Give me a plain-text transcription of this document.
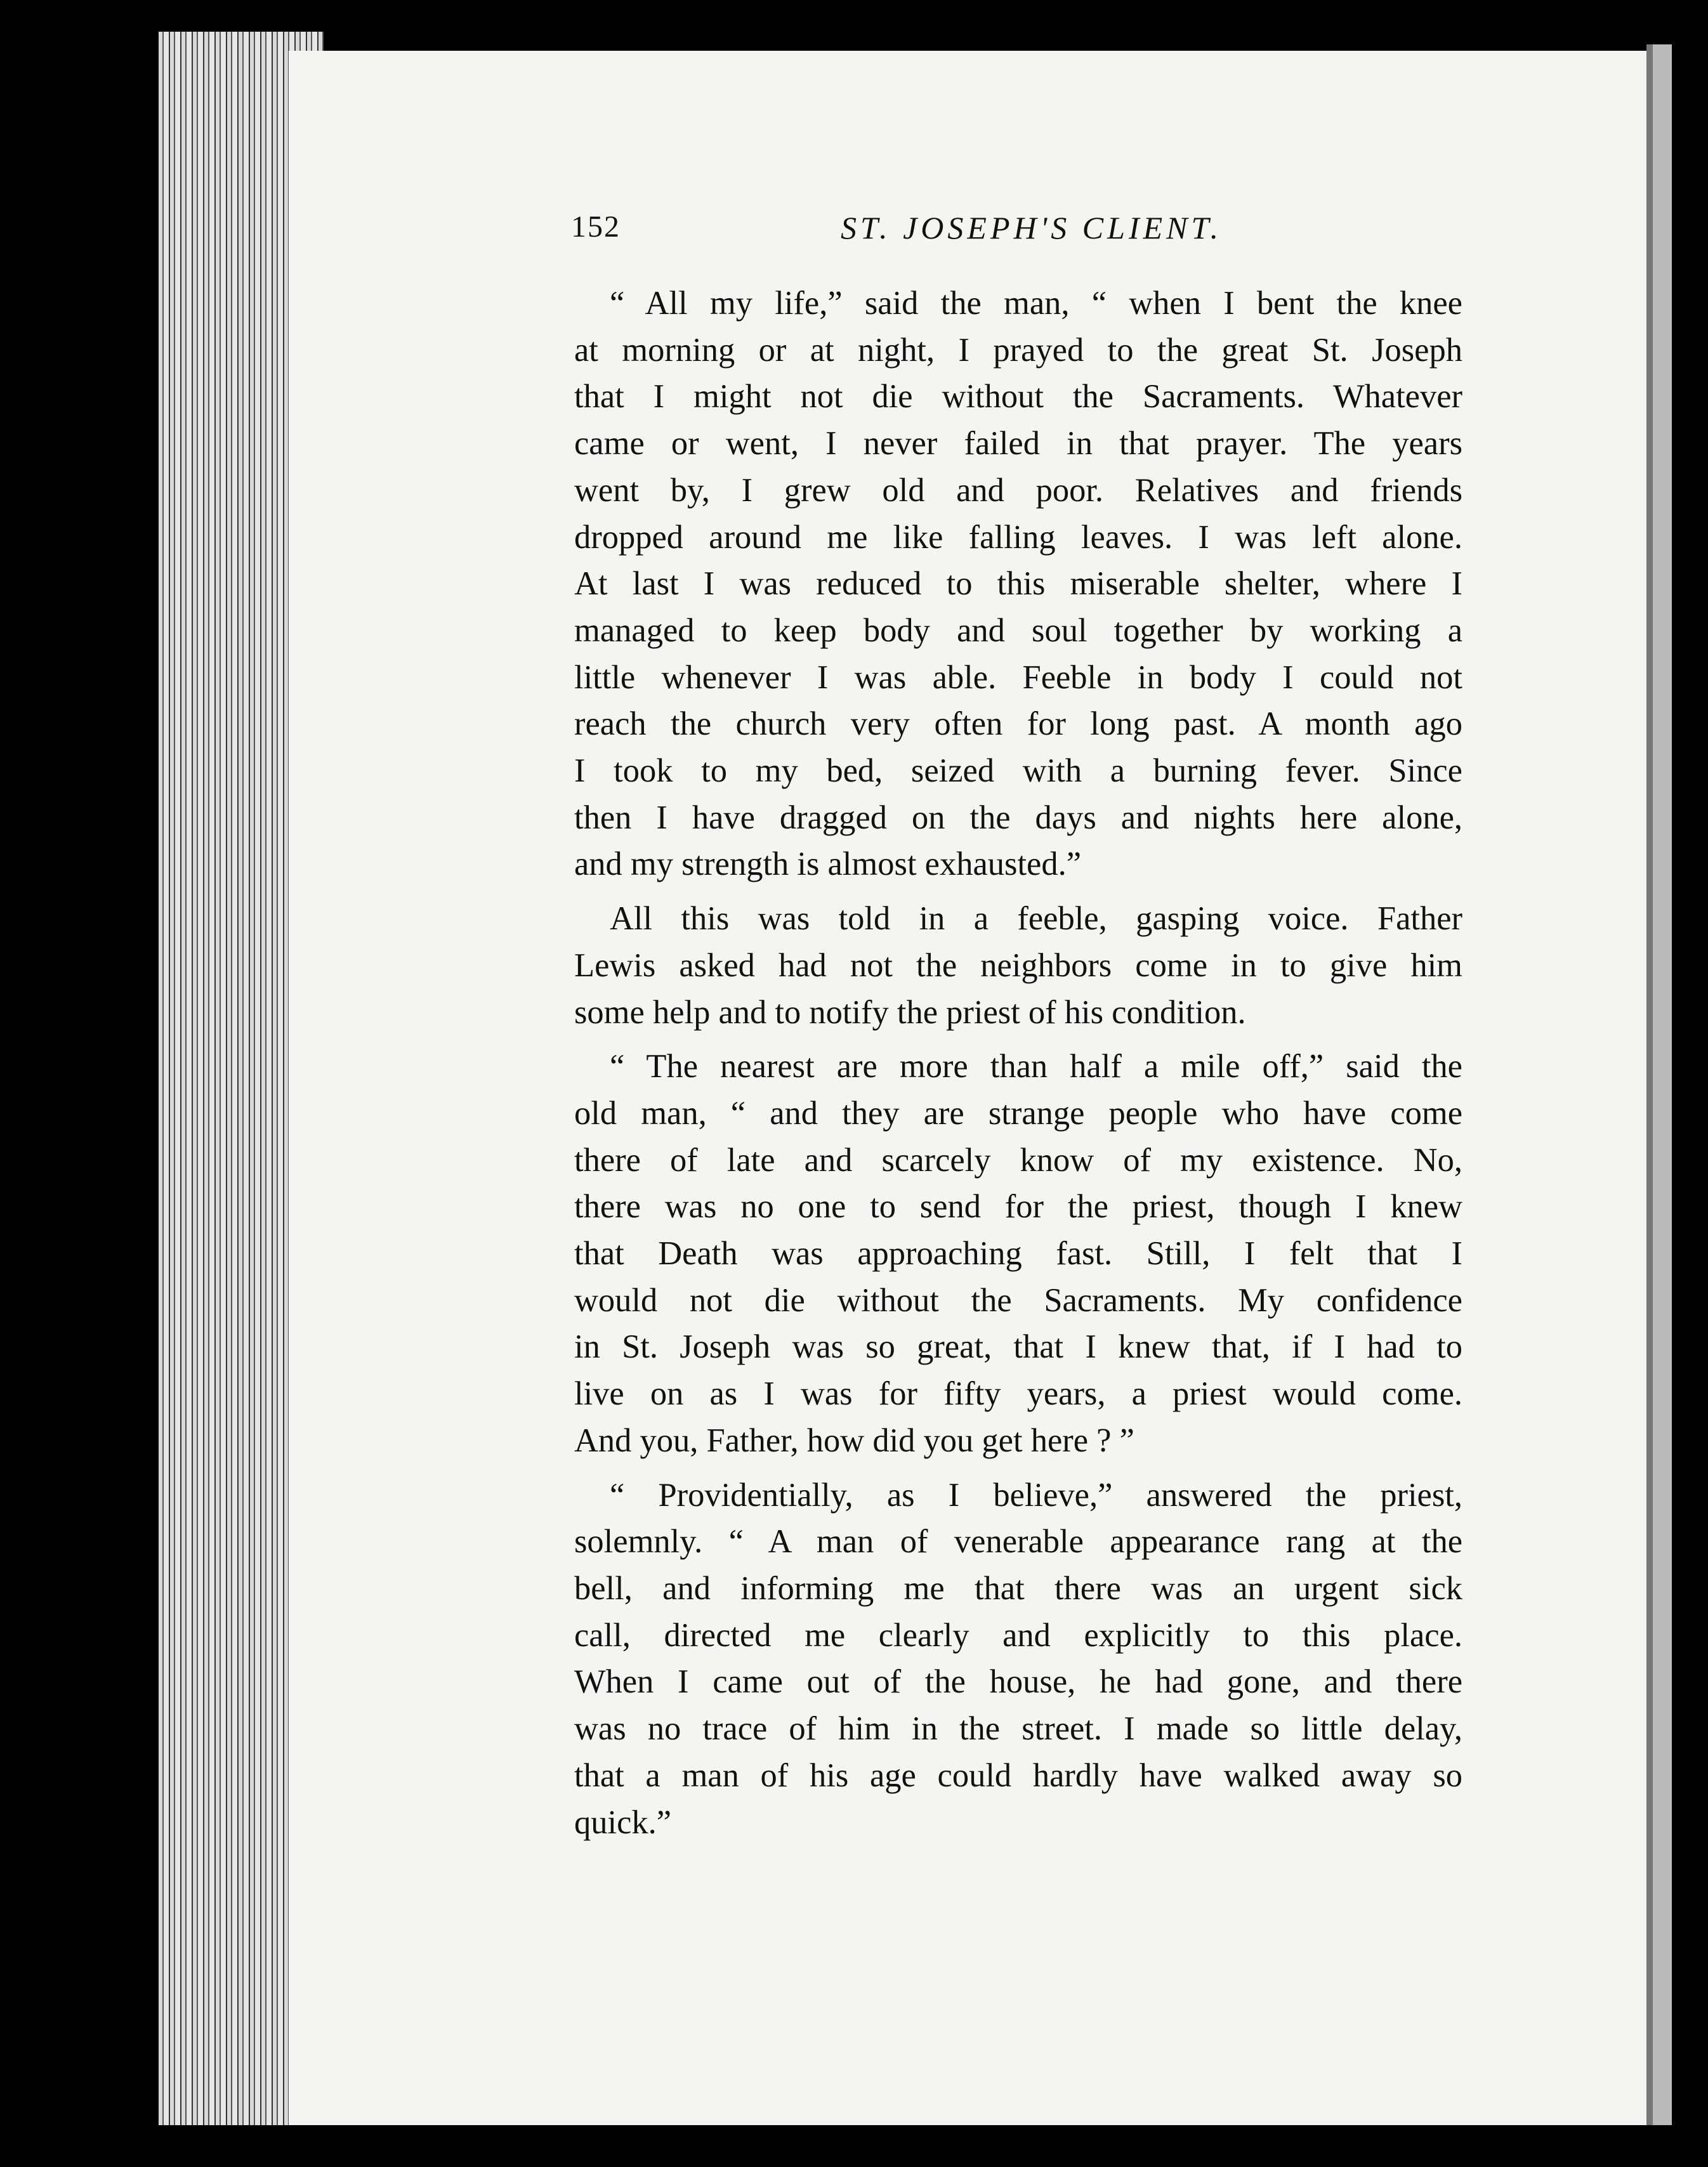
152	ST. JOSEPH'S CLIENT.
“ All my life,” said the man, “ when I bent the knee
at morning or at night, I prayed to the great St. Joseph
that I might not die without the Sacraments. Whatever
came or went, I never failed in that prayer. The years
went by, I grew old and poor. Relatives and friends
dropped around me like falling leaves. I was left alone.
At last I was reduced to this miserable shelter, where I
managed to keep body and soul together by working a
little whenever I was able. Feeble in body I could not
reach the church very often for long past. A month ago
I took to my bed, seized with a burning fever. Since
then I have dragged on the days and nights here alone,
and my strength is almost exhausted.”
All this was told in a feeble, gasping voice. Father
Lewis asked had not the neighbors come in to give him
some help and to notify the priest of his condition.
“ The nearest are more than half a mile off,” said the
old man, “ and they are strange people who have come
there of late and scarcely know of my existence. No,
there was no one to send for the priest, though I knew
that Death was approaching fast. Still, I felt that I
would not die without the Sacraments. My confidence
in St. Joseph was so great, that I knew that, if I had to
live on as I was for fifty years, a priest would come.
And you, Father, how did you get here ? ”
“ Providentially, as I believe,” answered the priest,
solemnly. “ A man of venerable appearance rang at the
bell, and informing me that there was an urgent sick
call, directed me clearly and explicitly to this place.
When I came out of the house, he had gone, and there
was no trace of him in the street. I made so little delay,
that a man of his age could hardly have walked away so
quick.”
